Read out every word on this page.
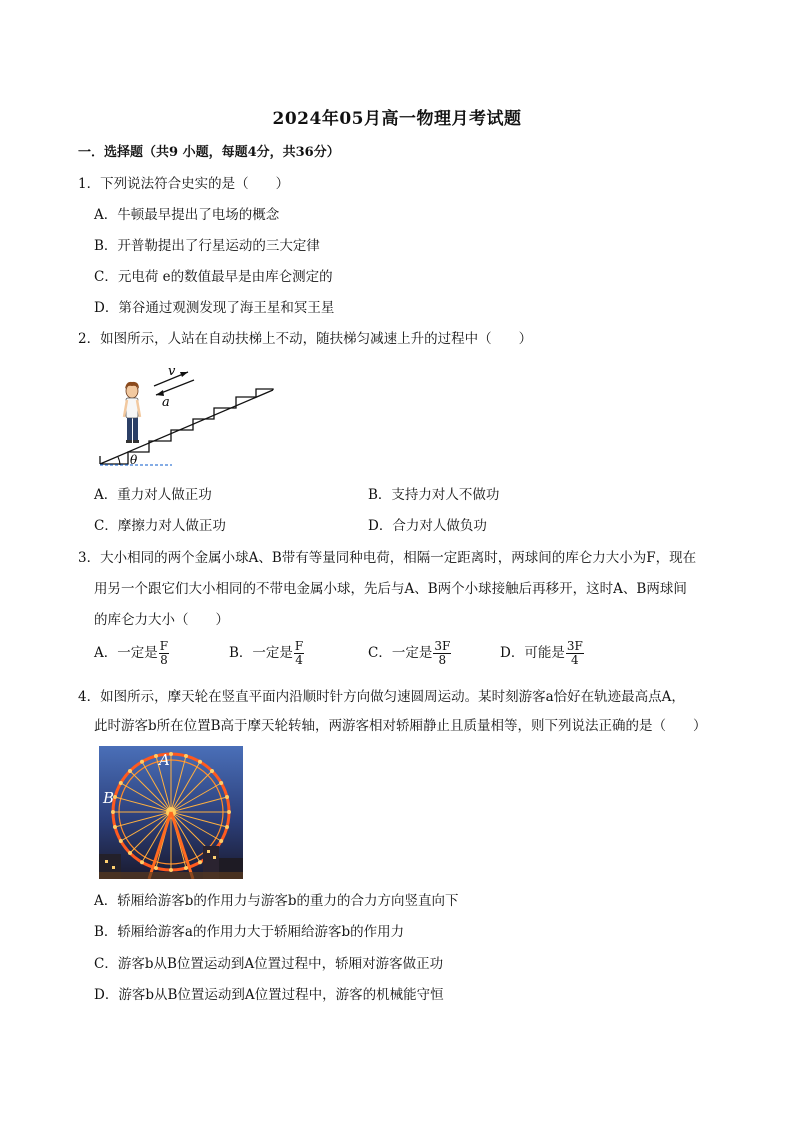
2024年05月高一物理月考试题
一．选择题（共9 小题，每题4分，共36分）
1．下列说法符合史实的是（　　）
A．牛顿最早提出了电场的概念
B．开普勒提出了行星运动的三大定律
C．元电荷 e的数值最早是由库仑测定的
D．第谷通过观测发现了海王星和冥王星
2．如图所示，人站在自动扶梯上不动，随扶梯匀减速上升的过程中（　　）
v
a
θ
A．重力对人做正功	B．支持力对人不做功
C．摩擦力对人做正功	D．合力对人做负功
3．大小相同的两个金属小球A、B带有等量同种电荷，相隔一定距离时，两球间的库仑力大小为F，现在
用另一个跟它们大小相同的不带电金属小球，先后与A、B两个小球接触后再移开，这时A、B两球间
的库仑力大小（　　）
A．一定是 $\frac{F}{8}$	B．一定是 $\frac{F}{4}$	C．一定是 $\frac{3F}{8}$	D．可能是 $\frac{3F}{4}$
4．如图所示，摩天轮在竖直平面内沿顺时针方向做匀速圆周运动。某时刻游客a恰好在轨迹最高点A，
此时游客b所在位置B高于摩天轮转轴，两游客相对轿厢静止且质量相等，则下列说法正确的是（　　）
A
B
A．轿厢给游客b的作用力与游客b的重力的合力方向竖直向下
B．轿厢给游客a的作用力大于轿厢给游客b的作用力
C．游客b从B位置运动到A位置过程中，轿厢对游客做正功
D．游客b从B位置运动到A位置过程中，游客的机械能守恒
